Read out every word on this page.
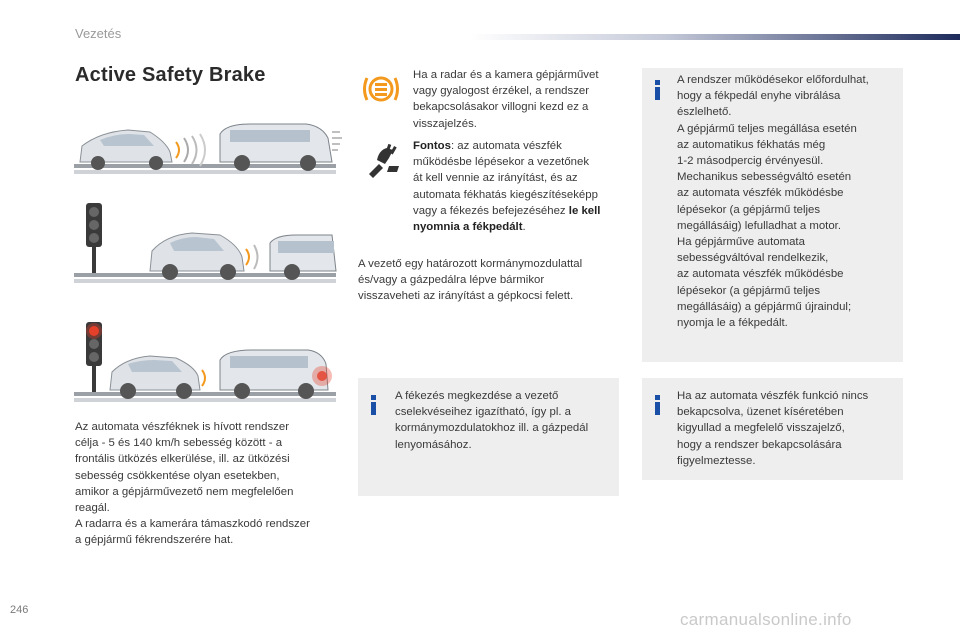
Vezetés
Active Safety Brake
Az automata vészféknek is hívott rendszer
célja - 5 és 140 km/h sebesség között - a
frontális ütközés elkerülése, ill. az ütközési
sebesség csökkentése olyan esetekben,
amikor a gépjárművezető nem megfelelően
reagál.
A radarra és a kamerára támaszkodó rendszer
a gépjármű fékrendszerére hat.
Ha a radar és a kamera gépjárművet
vagy gyalogost érzékel, a rendszer
bekapcsolásakor villogni kezd ez a
visszajelzés.
Fontos: az automata vészfék
működésbe lépésekor a vezetőnek
át kell vennie az irányítást, és az
automata fékhatás kiegészítéseképp
vagy a fékezés befejezéséhez le kell
nyomnia a fékpedált.
A vezető egy határozott kormánymozdulattal
és/vagy a gázpedálra lépve bármikor
visszaveheti az irányítást a gépkocsi felett.
A fékezés megkezdése a vezető
cselekvéseihez igazítható, így pl. a
kormánymozdulatokhoz ill. a gázpedál
lenyomásához.
A rendszer működésekor előfordulhat,
hogy a fékpedál enyhe vibrálása
észlelhető.
A gépjármű teljes megállása esetén
az automatikus fékhatás még
1-2 másodpercig érvényesül.
Mechanikus sebességváltó esetén
az automata vészfék működésbe
lépésekor (a gépjármű teljes
megállásáig) lefulladhat a motor.
Ha gépjárműve automata
sebességváltóval rendelkezik,
az automata vészfék működésbe
lépésekor (a gépjármű teljes
megállásáig) a gépjármű újraindul;
nyomja le a fékpedált.
Ha az automata vészfék funkció nincs
bekapcsolva, üzenet kíséretében
kigyullad a megfelelő visszajelző,
hogy a rendszer bekapcsolására
figyelmeztesse.
246	carmanualsonline.info
